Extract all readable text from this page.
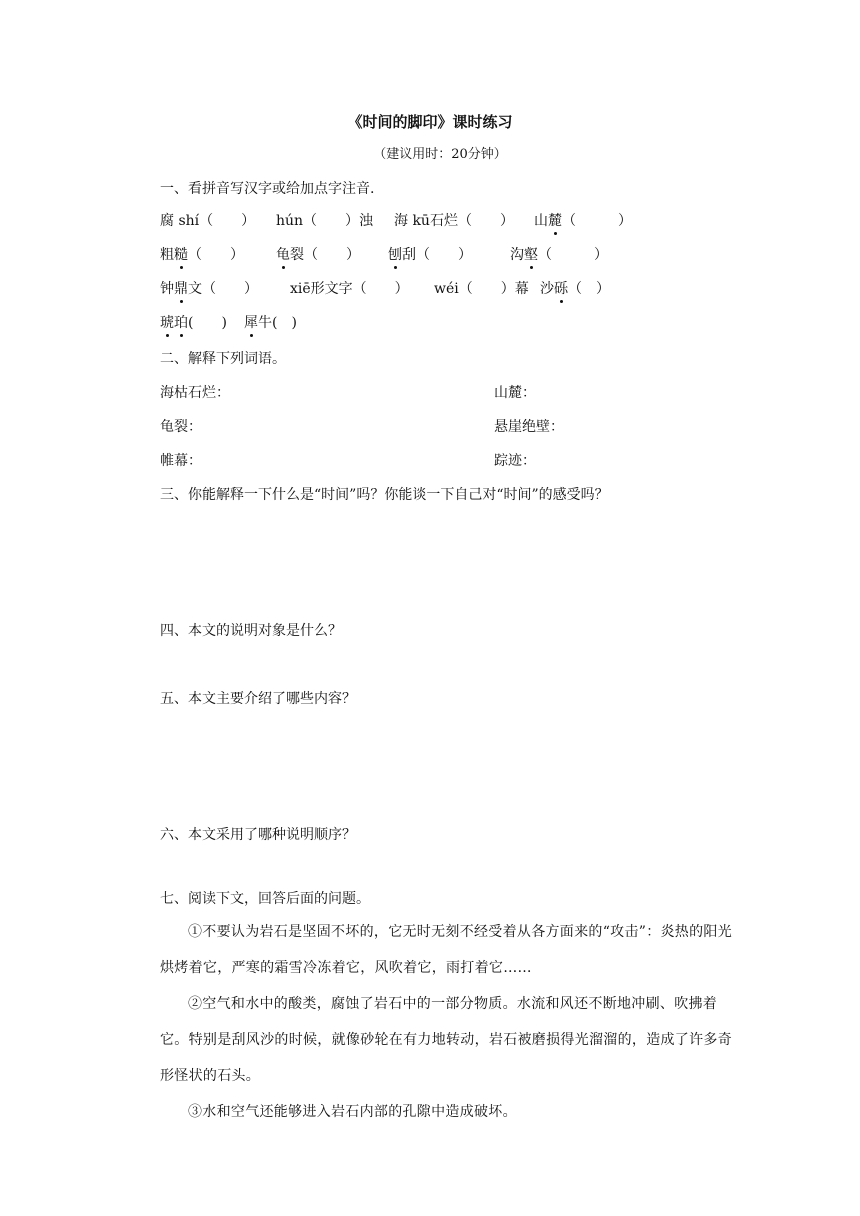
《时间的脚印》课时练习
（建议用时：20分钟）
一、看拼音写汉字或给加点字注音.
腐 shí（　　） hún（　　）浊 海 kū石烂（　　） 山麓（　　　）
粗糙（　　） 龟裂（　　） 刨刮（　　）	沟壑（　　　）
钟鼎文（　　） xiē形文字（　　） wéi（　　）幕 沙砾（　）
琥珀(　　) 犀牛(　)
二、解释下列词语。
海枯石烂：	山麓：
龟裂：	悬崖绝壁：
帷幕：	踪迹：
三、你能解释一下什么是“时间”吗？你能谈一下自己对“时间”的感受吗？
四、本文的说明对象是什么？
五、本文主要介绍了哪些内容？
六、本文采用了哪种说明顺序？
七、阅读下文，回答后面的问题。
①不要认为岩石是坚固不坏的，它无时无刻不经受着从各方面来的“攻击”：炎热的阳光烘烤着它，严寒的霜雪冷冻着它，风吹着它，雨打着它……
②空气和水中的酸类，腐蚀了岩石中的一部分物质。水流和风还不断地冲刷、吹拂着它。特别是刮风沙的时候，就像砂轮在有力地转动，岩石被磨损得光溜溜的，造成了许多奇形怪状的石头。
③水和空气还能够进入岩石内部的孔隙中造成破坏。
